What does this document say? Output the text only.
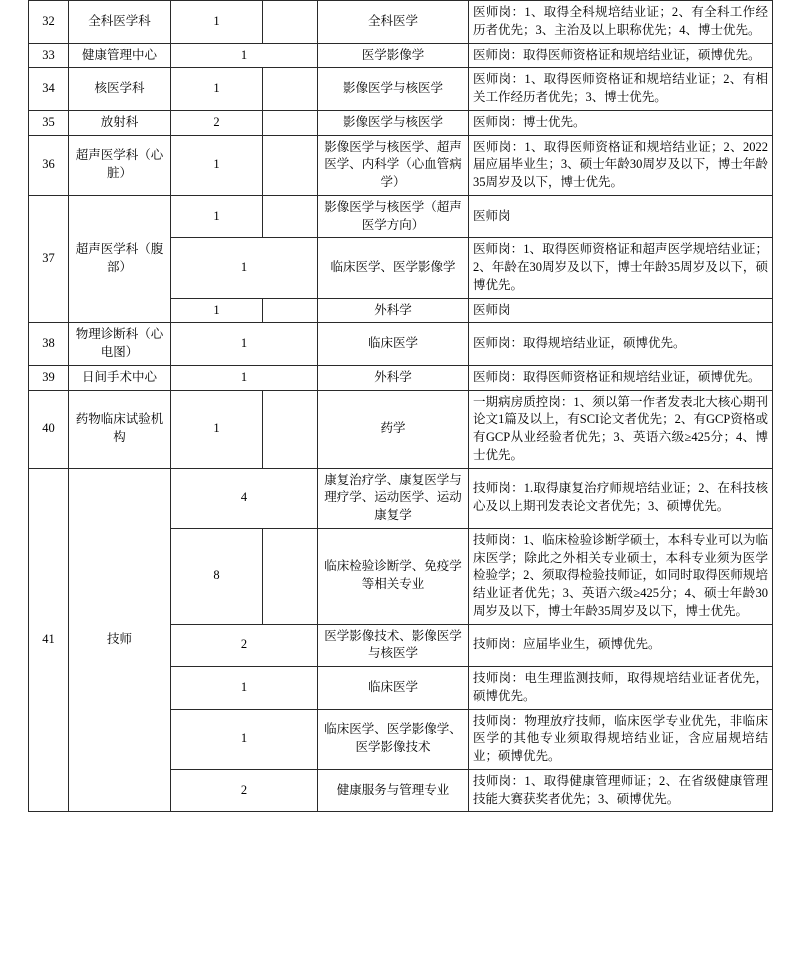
32	全科医学科	1		全科医学	医师岗：1、取得全科规培结业证；2、有全科工作经历者优先；3、主治及以上职称优先；4、博士优先。
33	健康管理中心	1		医学影像学	医师岗：取得医师资格证和规培结业证，硕博优先。
34	核医学科	1		影像医学与核医学	医师岗：1、取得医师资格证和规培结业证；2、有相关工作经历者优先；3、博士优先。
35	放射科	2		影像医学与核医学	医师岗：博士优先。
36	超声医学科（心脏）	1		影像医学与核医学、超声医学、内科学（心血管病学）	医师岗：1、取得医师资格证和规培结业证；2、2022届应届毕业生；3、硕士年龄30周岁及以下，博士年龄35周岁及以下，博士优先。
37	超声医学科（腹部）	1		影像医学与核医学（超声医学方向）	医师岗
		1		临床医学、医学影像学	医师岗：1、取得医师资格证和超声医学规培结业证；2、年龄在30周岁及以下，博士年龄35周岁及以下，硕博优先。
		1		外科学	医师岗
38	物理诊断科（心电图）	1		临床医学	医师岗：取得规培结业证，硕博优先。
39	日间手术中心	1		外科学	医师岗：取得医师资格证和规培结业证，硕博优先。
40	药物临床试验机构	1		药学	一期病房质控岗：1、须以第一作者发表北大核心期刊论文1篇及以上，有SCI论文者优先；2、有GCP资格或有GCP从业经验者优先；3、英语六级≥425分；4、博士优先。
41	技师	4		康复治疗学、康复医学与理疗学、运动医学、运动康复学	技师岗：1.取得康复治疗师规培结业证；2、在科技核心及以上期刊发表论文者优先；3、硕博优先。
		8		临床检验诊断学、免疫学等相关专业	技师岗：1、临床检验诊断学硕士，本科专业可以为临床医学；除此之外相关专业硕士，本科专业须为医学检验学；2、须取得检验技师证，如同时取得医师规培结业证者优先；3、英语六级≥425分；4、硕士年龄30周岁及以下，博士年龄35周岁及以下，博士优先。
		2		医学影像技术、影像医学与核医学	技师岗：应届毕业生，硕博优先。
		1		临床医学	技师岗：电生理监测技师，取得规培结业证者优先，硕博优先。
		1		临床医学、医学影像学、医学影像技术	技师岗：物理放疗技师，临床医学专业优先，非临床医学的其他专业须取得规培结业证，含应届规培结业；硕博优先。
		2		健康服务与管理专业	技师岗：1、取得健康管理师证；2、在省级健康管理技能大赛获奖者优先；3、硕博优先。
